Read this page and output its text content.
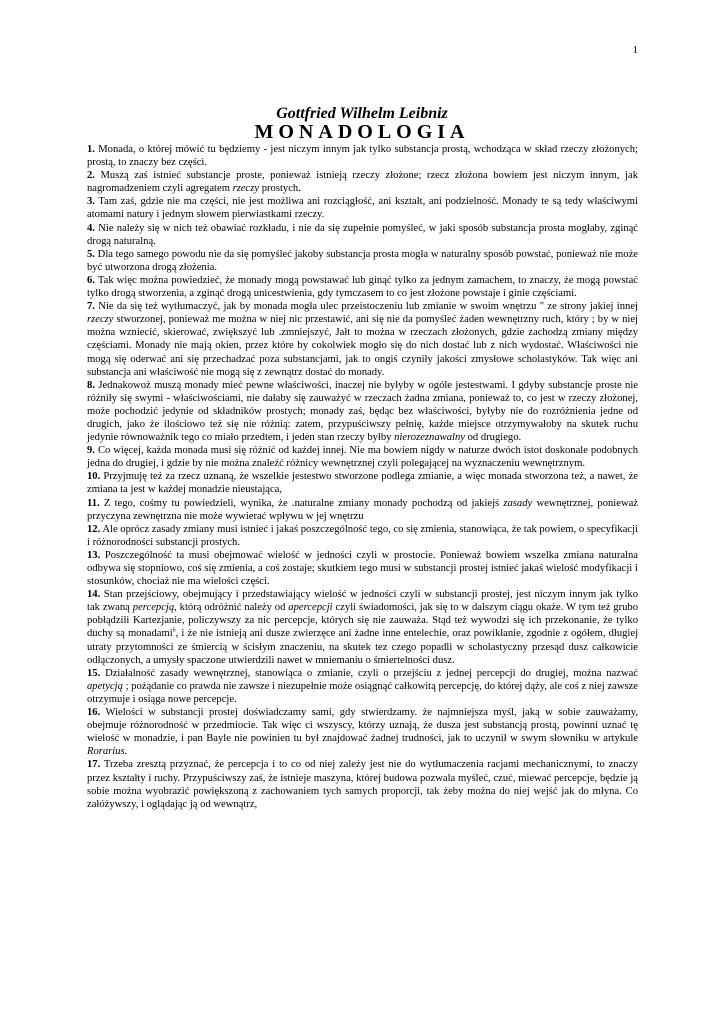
1
Gottfried Wilhelm Leibniz
MONADOLOGIA

1. Monada, o której mówić tu będziemy - jest niczym innym jak tylko substancja prostą, wchodząca w skład rzeczy złożonych; prostą, to znaczy bez części.

2. Muszą zaś istnieć substancje proste, ponieważ istnieją rzeczy złożone; rzecz złożona bowiem jest niczym innym, jak nagromadzeniem czyli agregatem rzeczy prostych.

3. Tam zaś, gdzie nie ma części, nie jest możliwa ani rozciągłość, ani kształt, ani podzielność. Monady te są tedy właściwymi atomami natury i jednym słowem pierwiastkami rzeczy.

4. Nie należy się w nich też obawiać rozkładu, i nie da się zupełnie pomyśleć, w jaki sposób substancja prosta mogłaby, zginąć drogą naturalną.

5. Dla tego samego powodu nie da się pomyśleć jakoby substancja prosta mogła w naturalny sposób powstać, ponieważ nie może być utworzona drogą złożenia.

6. Tak więc można powiedzieć, że monady mogą powstawać lub ginąć tylko za jednym zamachem, to znaczy, że mogą powstać tylko drogą stworzenia, a zginąć drogą unicestwienia, gdy tymczasem to co jest złożone powstaje i ginie częściami.

7. Nie da się też wytłumaczyć, jak by monada mogła ulec przeistoczeniu lub zmianie w swoim wnętrzu " ze strony jakiej innej rzeczy stworzonej, ponieważ me można w niej nic przestawić, ani się nie da pomyśleć żaden wewnętrzny ruch, który ; by w niej można wzniecić, skierować, zwiększyć lub .zmniejszyć, Jałt to można w rzeczach złożonych, gdzie zachodzą zmiany między częściami. Monady nie mają okien, przez które by cokolwiek mogło się do nich dostać lub z nich wydostać. Właściwości nie mogą się oderwać ani się przechadzać poza substancjami, jak to ongiś czyniły jakości zmysłowe scholastyków. Tak więc ani substancja ani właściwość nie mogą się z zewnątrz dostać do monady.

8. Jednakowoż muszą monady mieć pewne właściwości, inaczej nie byłyby w ogóle jestestwami. I gdyby substancje proste nie różniły się swymi - właściwościami, nie dałaby się zauważyć w rzeczach żadna zmiana, ponieważ to, co jest w rzeczy złożonej, może pochodzić jedynie od składników prostych; monady zaś, będąc bez właściwości, byłyby nie do rozróżnienia jedne od drugich, jako że ilościowo też się nie różnią: zatem, przypuściwszy pełnię, każde miejsce otrzymywałoby na skutek ruchu jedynie równoważnik tego co miało przedtem, i jeden stan rzeczy byłby nierozeznawalny od drugiego.

9. Co więcej, każda monada musi się różnić od każdej innej. Nie ma bowiem nigdy w naturze dwóch istot doskonale podobnych jedna do drugiej, i gdzie by nie można znaleźć różnicy wewnętrznej czyli polegającej na wyznaczeniu wewnętrznym.

10. Przyjmuję też za rzecz uznaną, że wszelkie jestestwo stworzone podlega zmianie, a więc monada stworzona też, a nawet, że zmiana ta jest w każdej monadzie nieustająca,

11. Z tego, cośmy tu powiedzieli, wynika, że .naturalne zmiany monady pochodzą od jakiejś zasady wewnętrznej, ponieważ przyczyna zewnętrzna nie może wywierać wpływu w jej wnętrzu

12. Ale oprócz zasady zmiany musi istnieć i jakaś poszczególność tego, co się zmienia, stanowiąca, że tak powiem, o specyfikacji i różnorodności substancji prostych.

13. Poszczególność ta musi obejmować wielość w jedności czyli w prostocie. Ponieważ bowiem wszelka zmiana naturalna odbywa się stopniowo, coś się zmienia, a coś zostaje; skutkiem tego musi w substancji prostej istnieć jakaś wielość modyfikacji i stosunków, chociaż nie ma wielości części.

14. Stan przejściowy, obejmujący i przedstawiający wielość w jedności czyli w substancji prostej, jest niczym innym jak tylko tak zwaną percepcją, którą odróżnić należy od apercepcji czyli świadomości, jak się to w dalszym ciągu okaże. W tym też grubo pobłądzili Kartezjanie, policzywszy za nic percepcje, których się nie zauważa. Stąd też wywodzi się ich przekonanie, że tylko duchy są monadami$^6$, i że nie istnieją ani dusze zwierzęce ani żadne inne entelechie, oraz powikłanie, zgodnie z ogółem, długiej utraty przytomności ze śmiercią w ścisłym znaczeniu, na skutek tez czego popadli w scholastyczny przesąd dusz całkowicie odłączonych, a umysły spaczone utwierdzili nawet w mniemaniu o śmiertelności dusz.

15. Działalność zasady wewnętrznej, stanowiąca o zmianie, czyli o przejściu z jednej percepcji do drugiej, można nazwać apetycją ; pożądanie co prawda nie zawsze i niezupełnie może osiągnąć całkowitą percepcję, do której dąży, ale coś z niej zawsze otrzymuje i osiąga nowe percepcje.

16. Wielości w substancji prostej doświadczamy sami, gdy stwierdzamy. że najmniejsza myśl, jaką w sobie zauważamy, obejmuje różnorodność w przedmiocie. Tak więc ci wszyscy, którzy uznają, że dusza jest substancją prostą, powinni uznać tę wielość w monadzie, i pan Bayle nie powinien tu był znajdować żadnej trudności, jak to uczynił w swym słowniku w artykule Rorarius.

17. Trzeba zresztą przyznać, że percepcja i to co od niej zależy jest nie do wytłumaczenia racjami mechanicznymi, to znaczy przez kształty i ruchy. Przypuściwszy zaś, że istnieje maszyna, której budowa pozwala myśleć, czuć, miewać percepcje, będzie ją sobie można wyobrazić powiększoną z zachowaniem tych samych proporcji, tak żeby można do niej wejść jak do młyna. Co załóżywszy, i oglądając ją od wewnątrz,
